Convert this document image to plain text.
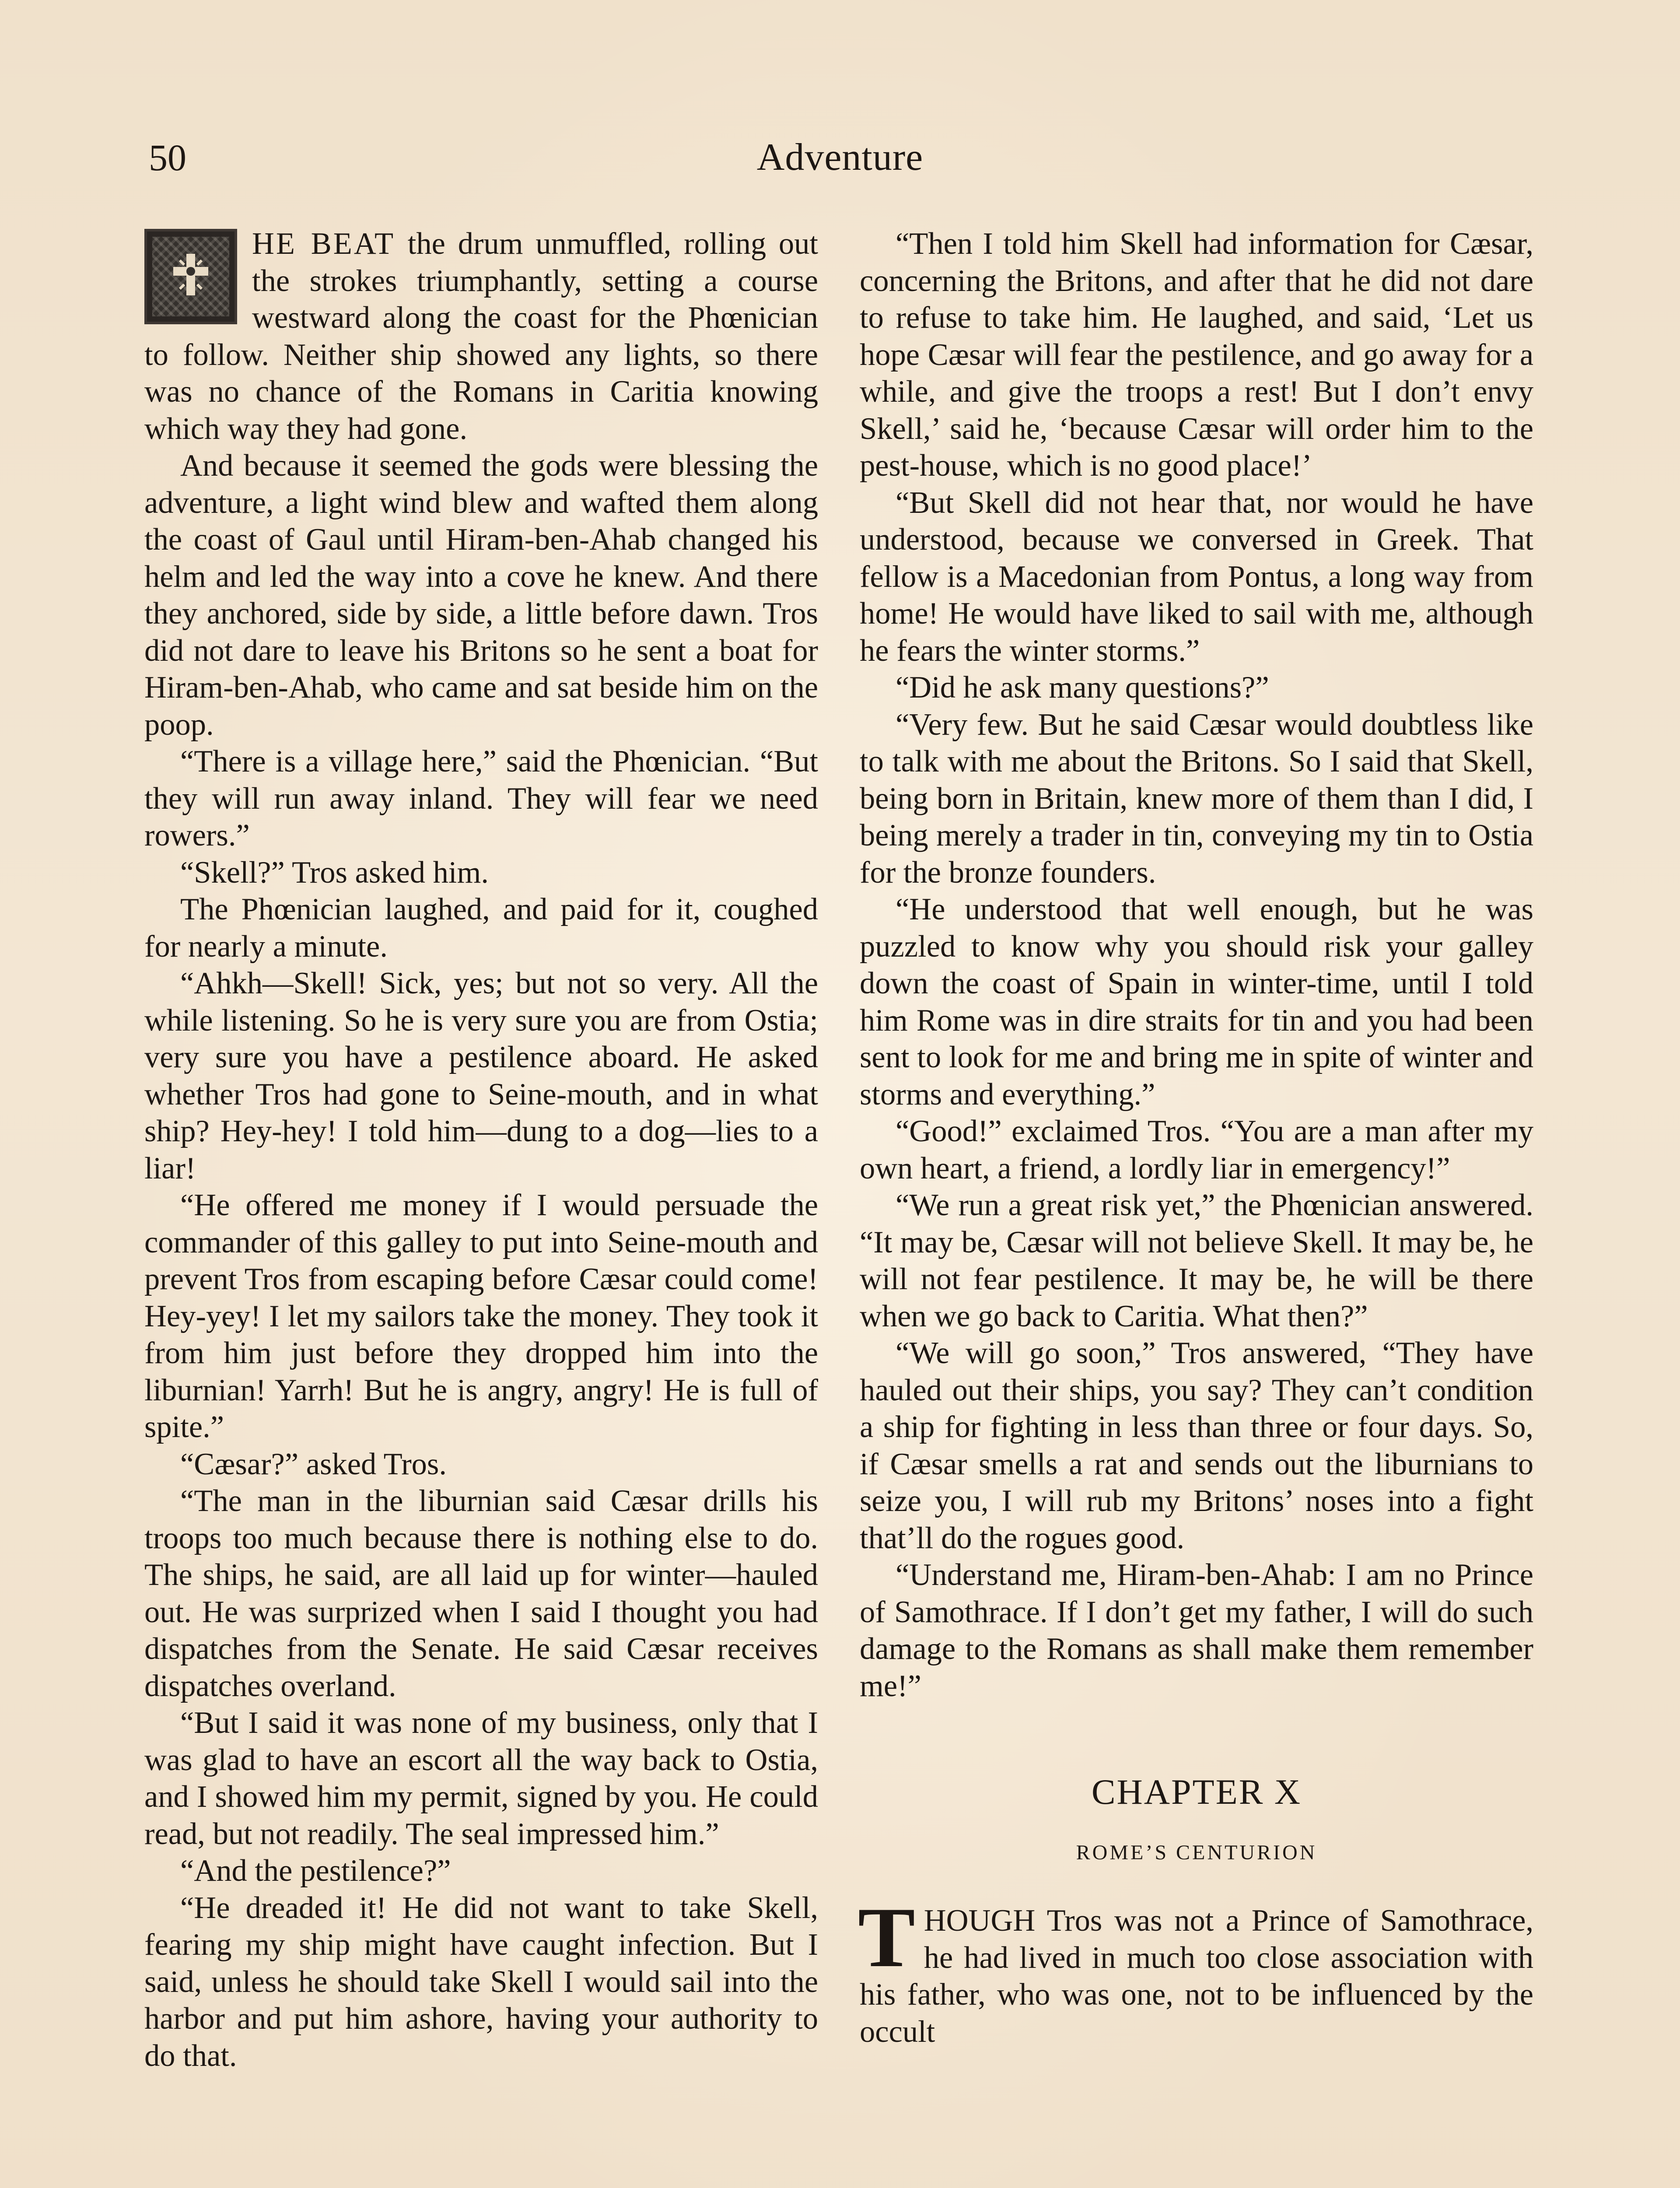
50	Adventure

HE BEAT the drum unmuffled, rolling out the strokes triumphantly, setting a course westward along the coast for the Phœnician to follow. Neither ship showed any lights, so there was no chance of the Romans in Caritia knowing which way they had gone.

And because it seemed the gods were blessing the adventure, a light wind blew and wafted them along the coast of Gaul until Hiram-ben-Ahab changed his helm and led the way into a cove he knew. And there they anchored, side by side, a little before dawn. Tros did not dare to leave his Britons so he sent a boat for Hiram-ben-Ahab, who came and sat beside him on the poop.

“There is a village here,” said the Phœnician. “But they will run away inland. They will fear we need rowers.”

“Skell?” Tros asked him.

The Phœnician laughed, and paid for it, coughed for nearly a minute.

“Ahkh—Skell! Sick, yes; but not so very. All the while listening. So he is very sure you are from Ostia; very sure you have a pestilence aboard. He asked whether Tros had gone to Seine-mouth, and in what ship? Hey-hey! I told him—dung to a dog—lies to a liar!

“He offered me money if I would persuade the commander of this galley to put into Seine-mouth and prevent Tros from escaping before Cæsar could come! Hey-yey! I let my sailors take the money. They took it from him just before they dropped him into the liburnian! Yarrh! But he is angry, angry! He is full of spite.”

“Cæsar?” asked Tros.

“The man in the liburnian said Cæsar drills his troops too much because there is nothing else to do. The ships, he said, are all laid up for winter—hauled out. He was surprized when I said I thought you had dispatches from the Senate. He said Cæsar receives dispatches overland.

“But I said it was none of my business, only that I was glad to have an escort all the way back to Ostia, and I showed him my permit, signed by you. He could read, but not readily. The seal impressed him.”

“And the pestilence?”

“He dreaded it! He did not want to take Skell, fearing my ship might have caught infection. But I said, unless he should take Skell I would sail into the harbor and put him ashore, having your authority to do that.

“Then I told him Skell had information for Cæsar, concerning the Britons, and after that he did not dare to refuse to take him. He laughed, and said, ‘Let us hope Cæsar will fear the pestilence, and go away for a while, and give the troops a rest! But I don’t envy Skell,’ said he, ‘because Cæsar will order him to the pest-house, which is no good place!’

“But Skell did not hear that, nor would he have understood, because we conversed in Greek. That fellow is a Macedonian from Pontus, a long way from home! He would have liked to sail with me, although he fears the winter storms.”

“Did he ask many questions?”

“Very few. But he said Cæsar would doubtless like to talk with me about the Britons. So I said that Skell, being born in Britain, knew more of them than I did, I being merely a trader in tin, conveying my tin to Ostia for the bronze founders.

“He understood that well enough, but he was puzzled to know why you should risk your galley down the coast of Spain in winter-time, until I told him Rome was in dire straits for tin and you had been sent to look for me and bring me in spite of winter and storms and everything.”

“Good!” exclaimed Tros. “You are a man after my own heart, a friend, a lordly liar in emergency!”

“We run a great risk yet,” the Phœnician answered. “It may be, Cæsar will not believe Skell. It may be, he will not fear pestilence. It may be, he will be there when we go back to Caritia. What then?”

“We will go soon,” Tros answered, “They have hauled out their ships, you say? They can’t condition a ship for fighting in less than three or four days. So, if Cæsar smells a rat and sends out the liburnians to seize you, I will rub my Britons’ noses into a fight that’ll do the rogues good.

“Understand me, Hiram-ben-Ahab: I am no Prince of Samothrace. If I don’t get my father, I will do such damage to the Romans as shall make them remember me!”

CHAPTER X
ROME’S CENTURION

THOUGH Tros was not a Prince of Samothrace, he had lived in much too close association with his father, who was one, not to be influenced by the occult
